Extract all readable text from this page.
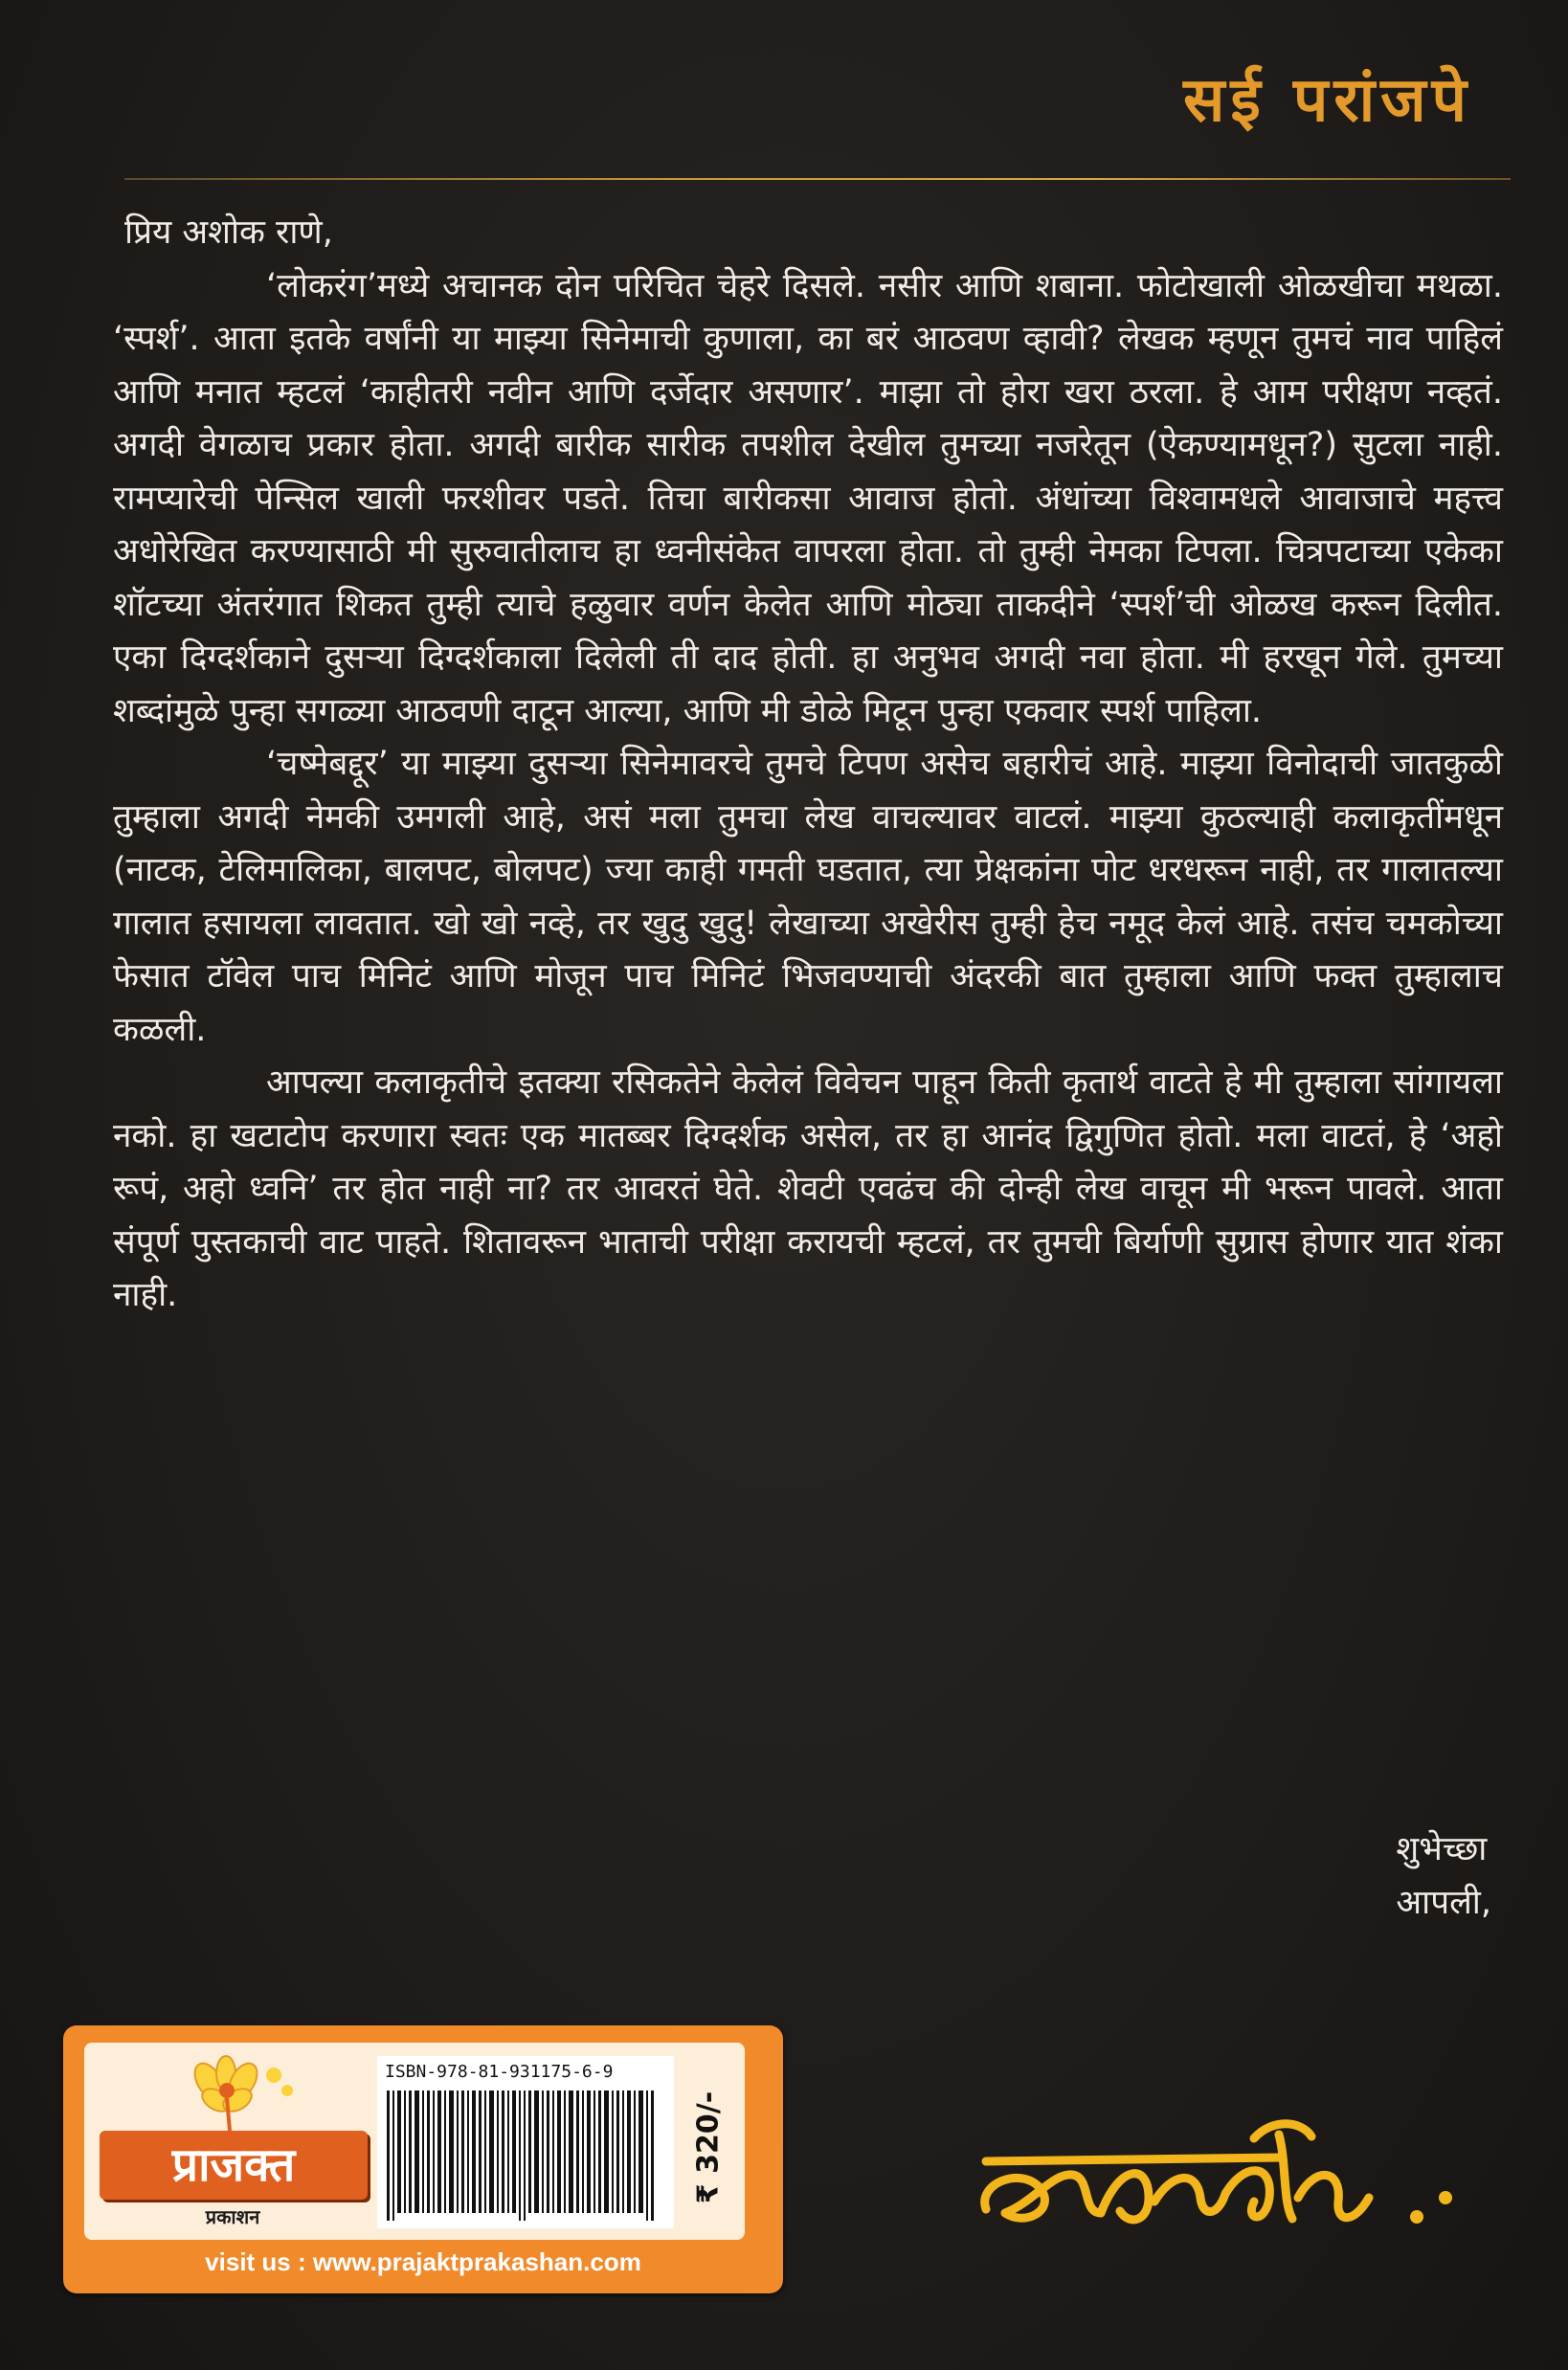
सई परांजपे

प्रिय अशोक राणे,

‘लोकरंग’मध्ये अचानक दोन परिचित चेहरे दिसले. नसीर आणि शबाना. फोटोखाली ओळखीचा मथळा. ‘स्पर्श’. आता इतके वर्षांनी या माझ्या सिनेमाची कुणाला, का बरं आठवण व्हावी? लेखक म्हणून तुमचं नाव पाहिलं आणि मनात म्हटलं ‘काहीतरी नवीन आणि दर्जेदार असणार’. माझा तो होरा खरा ठरला. हे आम परीक्षण नव्हतं. अगदी वेगळाच प्रकार होता. अगदी बारीक सारीक तपशील देखील तुमच्या नजरेतून (ऐकण्यामधून?) सुटला नाही. रामप्यारेची पेन्सिल खाली फरशीवर पडते. तिचा बारीकसा आवाज होतो. अंधांच्या विश्वामधले आवाजाचे महत्त्व अधोरेखित करण्यासाठी मी सुरुवातीलाच हा ध्वनीसंकेत वापरला होता. तो तुम्ही नेमका टिपला. चित्रपटाच्या एकेका शॉटच्या अंतरंगात शिकत तुम्ही त्याचे हळुवार वर्णन केलेत आणि मोठ्या ताकदीने ‘स्पर्श’ची ओळख करून दिलीत. एका दिग्दर्शकाने दुसऱ्या दिग्दर्शकाला दिलेली ती दाद होती. हा अनुभव अगदी नवा होता. मी हरखून गेले. तुमच्या शब्दांमुळे पुन्हा सगळ्या आठवणी दाटून आल्या, आणि मी डोळे मिटून पुन्हा एकवार स्पर्श पाहिला.

‘चष्मेबद्दूर’ या माझ्या दुसऱ्या सिनेमावरचे तुमचे टिपण असेच बहारीचं आहे. माझ्या विनोदाची जातकुळी तुम्हाला अगदी नेमकी उमगली आहे, असं मला तुमचा लेख वाचल्यावर वाटलं. माझ्या कुठल्याही कलाकृतींमधून (नाटक, टेलिमालिका, बालपट, बोलपट) ज्या काही गमती घडतात, त्या प्रेक्षकांना पोट धरधरून नाही, तर गालातल्या गालात हसायला लावतात. खो खो नव्हे, तर खुदु खुदु! लेखाच्या अखेरीस तुम्ही हेच नमूद केलं आहे. तसंच चमकोच्या फेसात टॉवेल पाच मिनिटं आणि मोजून पाच मिनिटं भिजवण्याची अंदरकी बात तुम्हाला आणि फक्त तुम्हालाच कळली.

आपल्या कलाकृतीचे इतक्या रसिकतेने केलेलं विवेचन पाहून किती कृतार्थ वाटते हे मी तुम्हाला सांगायला नको. हा खटाटोप करणारा स्वतः एक मातब्बर दिग्दर्शक असेल, तर हा आनंद द्विगुणित होतो. मला वाटतं, हे ‘अहो रूपं, अहो ध्वनि’ तर होत नाही ना? तर आवरतं घेते. शेवटी एवढंच की दोन्ही लेख वाचून मी भरून पावले. आता संपूर्ण पुस्तकाची वाट पाहते. शितावरून भाताची परीक्षा करायची म्हटलं, तर तुमची बिर्याणी सुग्रास होणार यात शंका नाही.

शुभेच्छा
आपली,
प्राजक्त
प्रकाशन
ISBN-978-81-931175-6-9
₹ 320/-
visit us : www.prajaktprakashan.com
